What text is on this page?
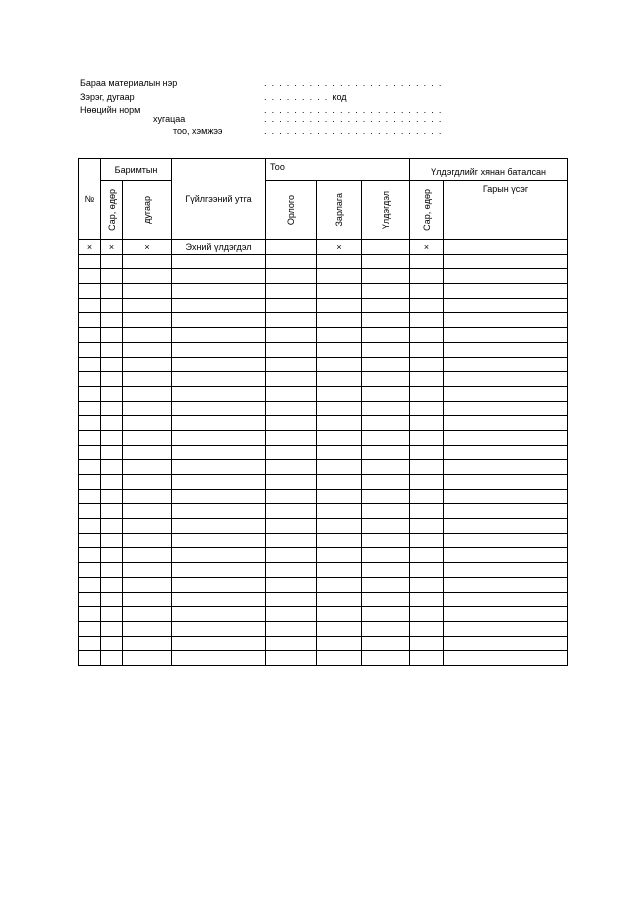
Бараа материалын нэр
Зэрэг, дугаар
Нөөцийн норм
хугацаа
тоо, хэмжээ
. . . . . . . . . . . . . . . . . . . . . . . .
. . . . . . . . . код
. . . . . . . . . . . . . . . . . . . . . . . .
. . . . . . . . . . . . . . . . . . . . . . . .
. . . . . . . . . . . . . . . . . . . . . . . .
№	Баримтын		Гүйлгээний утга	Тоо			Үлдэгдлийг хянан баталсан	

	Сар, өдөр	дугаар		Орлого	Зарлага	Үлдэгдэл	Сар, өдөр	Гарын үсэг
×	×	×	Эхний үлдэгдэл		×		×	
